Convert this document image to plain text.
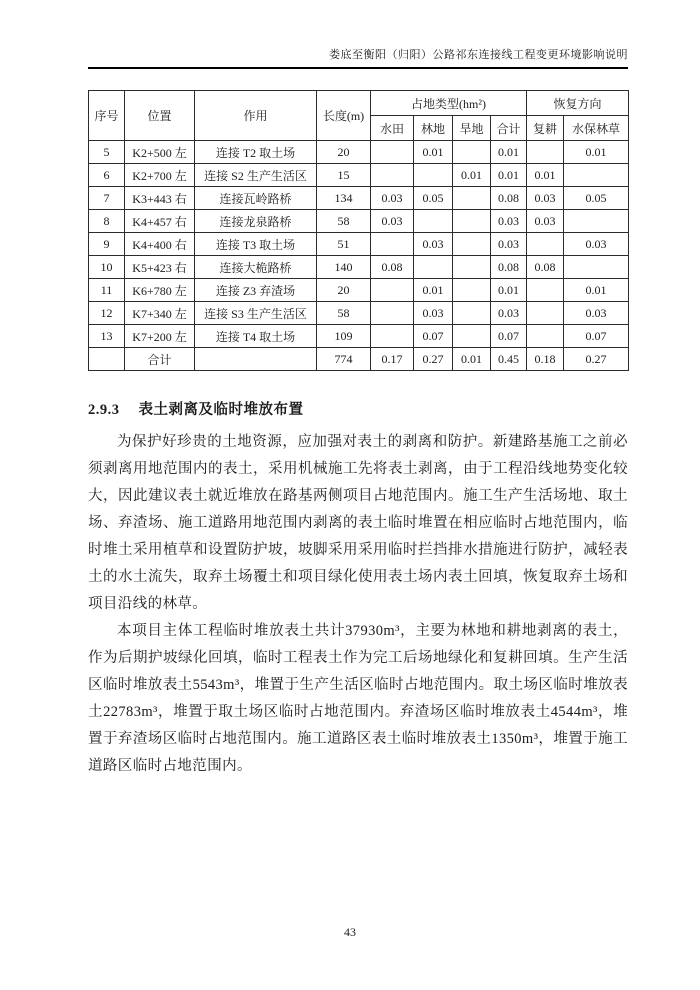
娄底至衡阳（归阳）公路祁东连接线工程变更环境影响说明
序号	位置	作用	长度(m)	占地类型(hm²)				恢复方向	
				水田	林地	旱地	合计	复耕	水保林草
5	K2+500 左	连接 T2 取土场	20		0.01		0.01		0.01
6	K2+700 左	连接 S2 生产生活区	15			0.01	0.01	0.01	
7	K3+443 右	连接瓦岭路桥	134	0.03	0.05		0.08	0.03	0.05
8	K4+457 右	连接龙泉路桥	58	0.03			0.03	0.03	
9	K4+400 右	连接 T3 取土场	51		0.03		0.03		0.03
10	K5+423 右	连接大桅路桥	140	0.08			0.08	0.08	
11	K6+780 左	连接 Z3 弃渣场	20		0.01		0.01		0.01
12	K7+340 左	连接 S3 生产生活区	58		0.03		0.03		0.03
13	K7+200 左	连接 T4 取土场	109		0.07		0.07		0.07
	合计		774	0.17	0.27	0.01	0.45	0.18	0.27
2.9.3 表土剥离及临时堆放布置

为保护好珍贵的土地资源，应加强对表土的剥离和防护。新建路基施工之前必须剥离用地范围内的表土，采用机械施工先将表土剥离，由于工程沿线地势变化较大，因此建议表土就近堆放在路基两侧项目占地范围内。施工生产生活场地、取土场、弃渣场、施工道路用地范围内剥离的表土临时堆置在相应临时占地范围内，临时堆土采用植草和设置防护坡，坡脚采用采用临时拦挡排水措施进行防护，减轻表土的水土流失，取弃土场覆土和项目绿化使用表土场内表土回填，恢复取弃土场和项目沿线的林草。

本项目主体工程临时堆放表土共计37930m³，主要为林地和耕地剥离的表土，作为后期护坡绿化回填，临时工程表土作为完工后场地绿化和复耕回填。生产生活区临时堆放表土5543m³，堆置于生产生活区临时占地范围内。取土场区临时堆放表土22783m³，堆置于取土场区临时占地范围内。弃渣场区临时堆放表土4544m³，堆置于弃渣场区临时占地范围内。施工道路区表土临时堆放表土1350m³，堆置于施工道路区临时占地范围内。

43
